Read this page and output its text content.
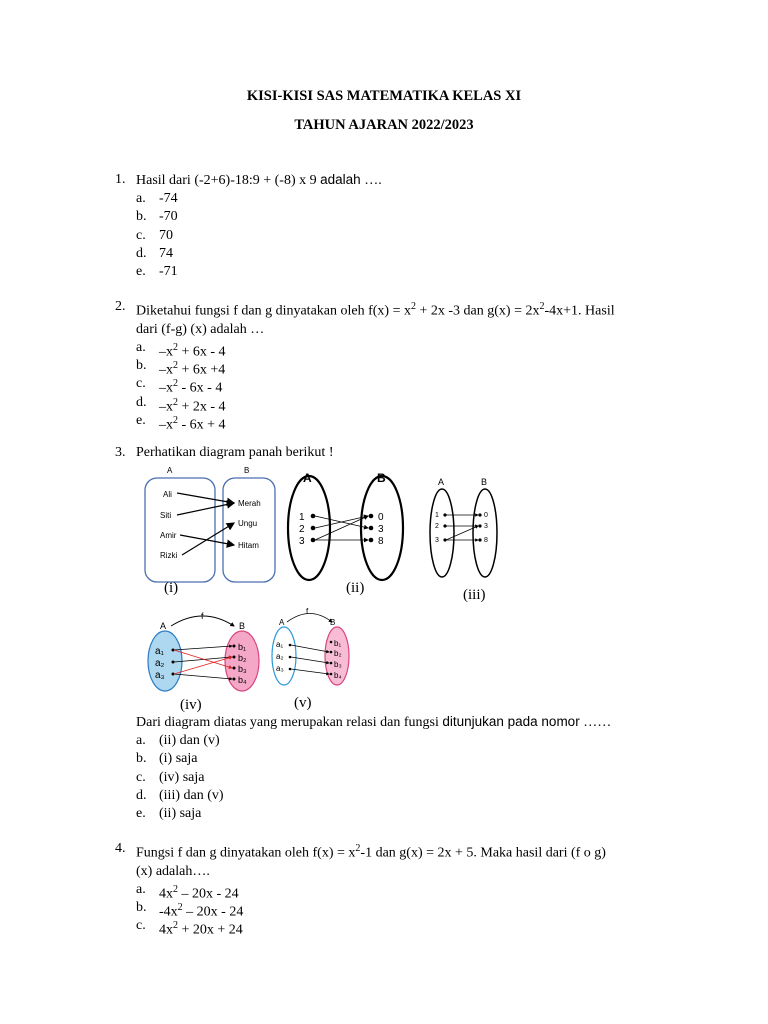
KISI-KISI SAS MATEMATIKA KELAS XI
TAHUN AJARAN 2022/2023
1. Hasil dari (-2+6)-18:9 + (-8) x 9 adalah ….
a. -74
b. -70
c. 70
d. 74
e. -71
2. Diketahui fungsi f dan g dinyatakan oleh $f(x) = x^2 + 2x$ -3 dan $g(x) = 2x^2-4x+1$. Hasil
dari (f-g) (x) adalah …
a. $-x^2 + 6x - 4$
b. $-x^2 + 6x +4$
c. $-x^2 - 6x - 4$
d. $-x^2 + 2x - 4$
e. $-x^2 - 6x + 4$
3. Perhatikan diagram panah berikut !
A	B
Ali
Siti
Amir
Rizki
Merah
Ungu
Hitam
(i)
A	B
1
2
3
0
3
8
(ii)
A	B
1
2
3
0
3
8
(iii)
A	B
f
a₁
a₂
a₃
b₁
b₂
b₃
b₄
(iv)
A	B
f
a₁
a₂
a₃
b₁
b₂
b₃
b₄
(v)
Dari diagram diatas yang merupakan relasi dan fungsi ditunjukan pada nomor ……
a. (ii) dan (v)
b. (i) saja
c. (iv) saja
d. (iii) dan (v)
e. (ii) saja
4. Fungsi f dan g dinyatakan oleh $f(x) = x^2-1$ dan g(x) = 2x + 5. Maka hasil dari (f o g)
(x) adalah….
a. $4x^2 - 20x - 24$
b. $-4x^2 - 20x - 24$
c. $4x^2 + 20x + 24$
